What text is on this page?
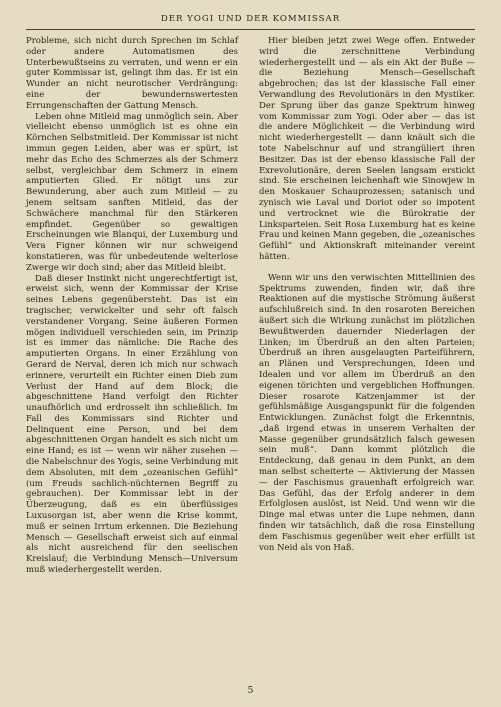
DER YOGI UND DER KOMMISSAR

Probleme, sich nicht durch Sprechen im Schlaf oder andere Automatismen des Unterbewußtseins zu verraten, und wenn er ein guter Kommissar ist, gelingt ihm das. Er ist ein Wunder an nicht neurotischer Verdrängung: eine der bewundernswertesten Errungenschaften der Gattung Mensch.

Leben ohne Mitleid mag unmöglich sein. Aber vielleicht ebenso unmöglich ist es ohne ein Körnchen Selbstmitleid. Der Kommissar ist nicht immun gegen Leiden, aber was er spürt, ist mehr das Echo des Schmerzes als der Schmerz selbst, vergleichbar dem Schmerz in einem amputierten Glied. Er nötigt uns zur Bewunderung, aber auch zum Mitleid — zu jenem seltsam sanften Mitleid, das der Schwächere manchmal für den Stärkeren empfindet. Gegenüber so gewaltigen Erscheinungen wie Blanqui, der Luxemburg und Vera Figner können wir nur schweigend konstatieren, was für unbedeutende welterlose Zwerge wir doch sind; aber das Mitleid bleibt.

Daß dieser Instinkt nicht ungerechtfertigt ist, erweist sich, wenn der Kommissar der Krise seines Lebens gegenübersteht. Das ist ein tragischer, verwickelter und sehr oft falsch verstandener Vorgang. Seine äußeren Formen mögen individuell verschieden sein, im Prinzip ist es immer das nämliche: Die Rache des amputierten Organs. In einer Erzählung von Gerard de Nerval, deren ich mich nur schwach erinnere, verurteilt ein Richter einen Dieb zum Verlust der Hand auf dem Block; die abgeschnittene Hand verfolgt den Richter unaufhörlich und erdrosselt ihn schließlich. Im Fall des Kommissars sind Richter und Delinquent eine Person, und bei dem abgeschnittenen Organ handelt es sich nicht um eine Hand; es ist — wenn wir näher zusehen — die Nabelschnur des Yogis, seine Verbindung mit dem Absoluten, mit dem „ozeanischen Gefühl“ (um Freuds sachlich-nüchternen Begriff zu gebrauchen). Der Kommissar lebt in der Überzeugung, daß es ein überflüssiges Luxusorgan ist, aber wenn die Krise kommt, muß er seinen Irrtum erkennen. Die Beziehung Mensch — Gesellschaft erweist sich auf einmal als nicht ausreichend für den seelischen Kreislauf; die Verbindung Mensch—Universum muß wiederhergestellt werden.

Hier bleiben jetzt zwei Wege offen. Entweder wird die zerschnittene Verbindung wiederhergestellt und — als ein Akt der Buße — die Beziehung Mensch—Gesellschaft abgebrochen; das ist der klassische Fall einer Verwandlung des Revolutionärs in den Mystiker. Der Sprung über das ganze Spektrum hinweg vom Kommissar zum Yogi. Oder aber — das ist die andere Möglichkeit — die Verbindung wird nicht wiederhergestellt — dann knäult sich die tote Nabelschnur auf und strangüliert ihren Besitzer. Das ist der ebenso klassische Fall der Exrevolutionäre, deren Seelen langsam erstickt sind. Sie erscheinen leichenhaft wie Sinowjew in den Moskauer Schauprozessen; satanisch und zynisch wie Laval und Doriot oder so impotent und vertrocknet wie die Bürokratie der Linksparteien. Seit Rosa Luxemburg hat es keine Frau und keinen Mann gegeben, die „ozeanisches Gefühl“ und Aktionskraft miteinander vereint hätten.

Wenn wir uns den verwischten Mittellinien des Spektrums zuwenden, finden wir, daß ihre Reaktionen auf die mystische Strömung äußerst aufschlußreich sind. In den rosaroten Bereichen äußert sich die Wirkung zunächst im plötzlichen Bewußtwerden dauernder Niederlagen der Linken; im Überdruß an den alten Parteien; Überdruß an ihren ausgelaugten Parteiführern, an Plänen und Versprechungen, Ideen und Idealen und vor allem im Überdruß an den eigenen törichten und vergeblichen Hoffnungen. Dieser rosarote Katzenjammer ist der gefühlsmäßige Ausgangspunkt für die folgenden Entwicklungen. Zunächst folgt die Erkenntnis, „daß irgend etwas in unserem Verhalten der Masse gegenüber grundsätzlich falsch gewesen sein muß“. Dann kommt plötzlich die Entdeckung, daß genau in dem Punkt, an dem man selbst scheiterte — Aktivierung der Massen — der Faschismus grauenhaft erfolgreich war. Das Gefühl, das der Erfolg anderer in dem Erfolglosen auslöst, ist Neid. Und wenn wir die Dinge mal etwas unter die Lupe nehmen, dann finden wir tatsächlich, daß die rosa Einstellung dem Faschismus gegenüber weit eher erfüllt ist von Neid als von Haß.

5
